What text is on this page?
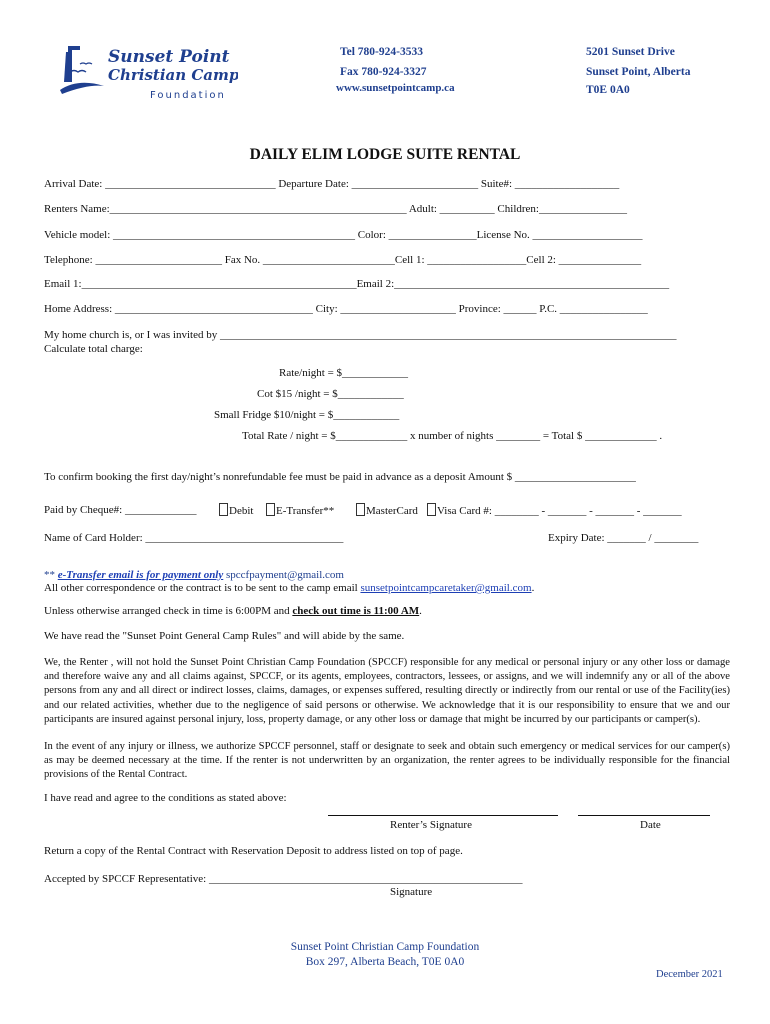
Sunset Point
Christian Camp
Foundation
Tel 780-924-3533
Fax 780-924-3327
www.sunsetpointcamp.ca
5201 Sunset Drive
Sunset Point, Alberta
T0E 0A0
DAILY ELIM LODGE SUITE RENTAL
Arrival Date: _______________________________ Departure Date: _______________________ Suite#: ___________________
Renters Name:______________________________________________________ Adult: __________ Children:________________
Vehicle model: ____________________________________________ Color: ________________License No. ____________________
Telephone: _______________________ Fax No. ________________________Cell 1: __________________Cell 2: _______________
Email 1:__________________________________________________Email 2:__________________________________________________
Home Address: ____________________________________ City: _____________________ Province: ______ P.C. ________________
My home church is, or I was invited by ___________________________________________________________________________________
Calculate total charge:
Rate/night = $____________
Cot $15 /night = $____________
Small Fridge $10/night = $____________
Total Rate / night = $_____________ x number of nights ________ = Total $ _____________ .
To confirm booking the first day/night’s nonrefundable fee must be paid in advance as a deposit Amount $ ______________________
Paid by Cheque#: _____________	Debit	E-Transfer**	MasterCard	Visa Card #: ________ - _______ - _______ - _______
Name of Card Holder: ____________________________________	Expiry Date: _______ / ________
** e-Transfer email is for payment only spccfpayment@gmail.com
All other correspondence or the contract is to be sent to the camp email sunsetpointcampcaretaker@gmail.com.
Unless otherwise arranged check in time is 6:00PM and check out time is 11:00 AM.
We have read the "Sunset Point General Camp Rules" and will abide by the same.
We, the Renter , will not hold the Sunset Point Christian Camp Foundation (SPCCF) responsible for any medical or personal injury or any other loss or damage and therefore waive any and all claims against, SPCCF, or its agents, employees, contractors, lessees, or assigns, and we will indemnify any or all of the above persons from any and all direct or indirect losses, claims, damages, or expenses suffered, resulting directly or indirectly from our rental or use of the Facility(ies) and our related activities, whether due to the negligence of said persons or otherwise. We acknowledge that it is our responsibility to ensure that we and our participants are insured against personal injury, loss, property damage, or any other loss or damage that might be incurred by our participants or camper(s).
In the event of any injury or illness, we authorize SPCCF personnel, staff or designate to seek and obtain such emergency or medical services for our camper(s) as may be deemed necessary at the time. If the renter is not underwritten by an organization, the renter agrees to be individually responsible for the financial provisions of the Rental Contract.
I have read and agree to the conditions as stated above:
Renter’s Signature	Date
Return a copy of the Rental Contract with Reservation Deposit to address listed on top of page.
Accepted by SPCCF Representative: _________________________________________________________
Signature
Sunset Point Christian Camp Foundation
Box 297, Alberta Beach, T0E 0A0
December 2021
